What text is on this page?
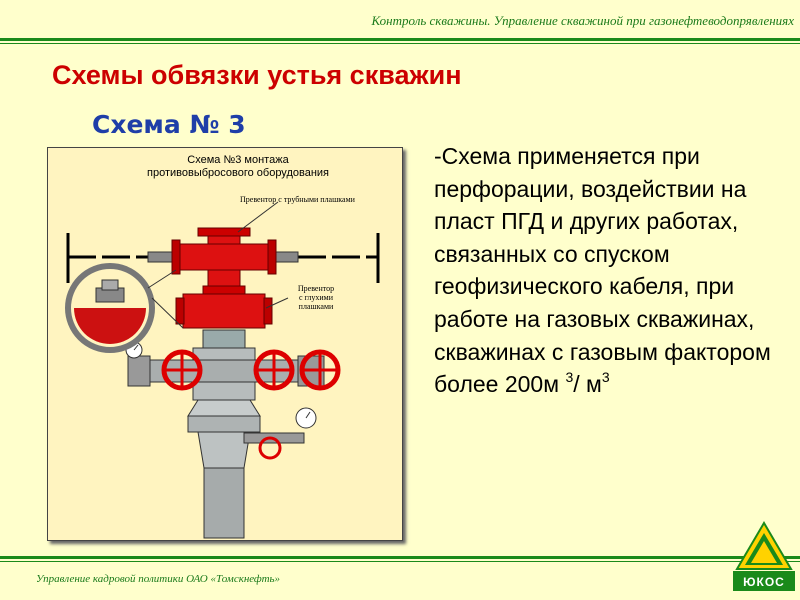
Контроль скважины. Управление скважиной при газонефтеводопрявлениях
Схемы обвязки устья скважин
Схема № 3
Схема №3 монтажа
противовыбросового оборудования
Превентор с трубными плашками
Превентор
с глухими
плашками
-Схема применяется при перфорации, воздействии на пласт ПГД и других работах, связанных со спуском геофизического кабеля, при работе на газовых скважинах, скважинах с газовым фактором более 200м $^3$/ $м^3$
Управление кадровой политики ОАО «Томскнефть»	ЮКОС
